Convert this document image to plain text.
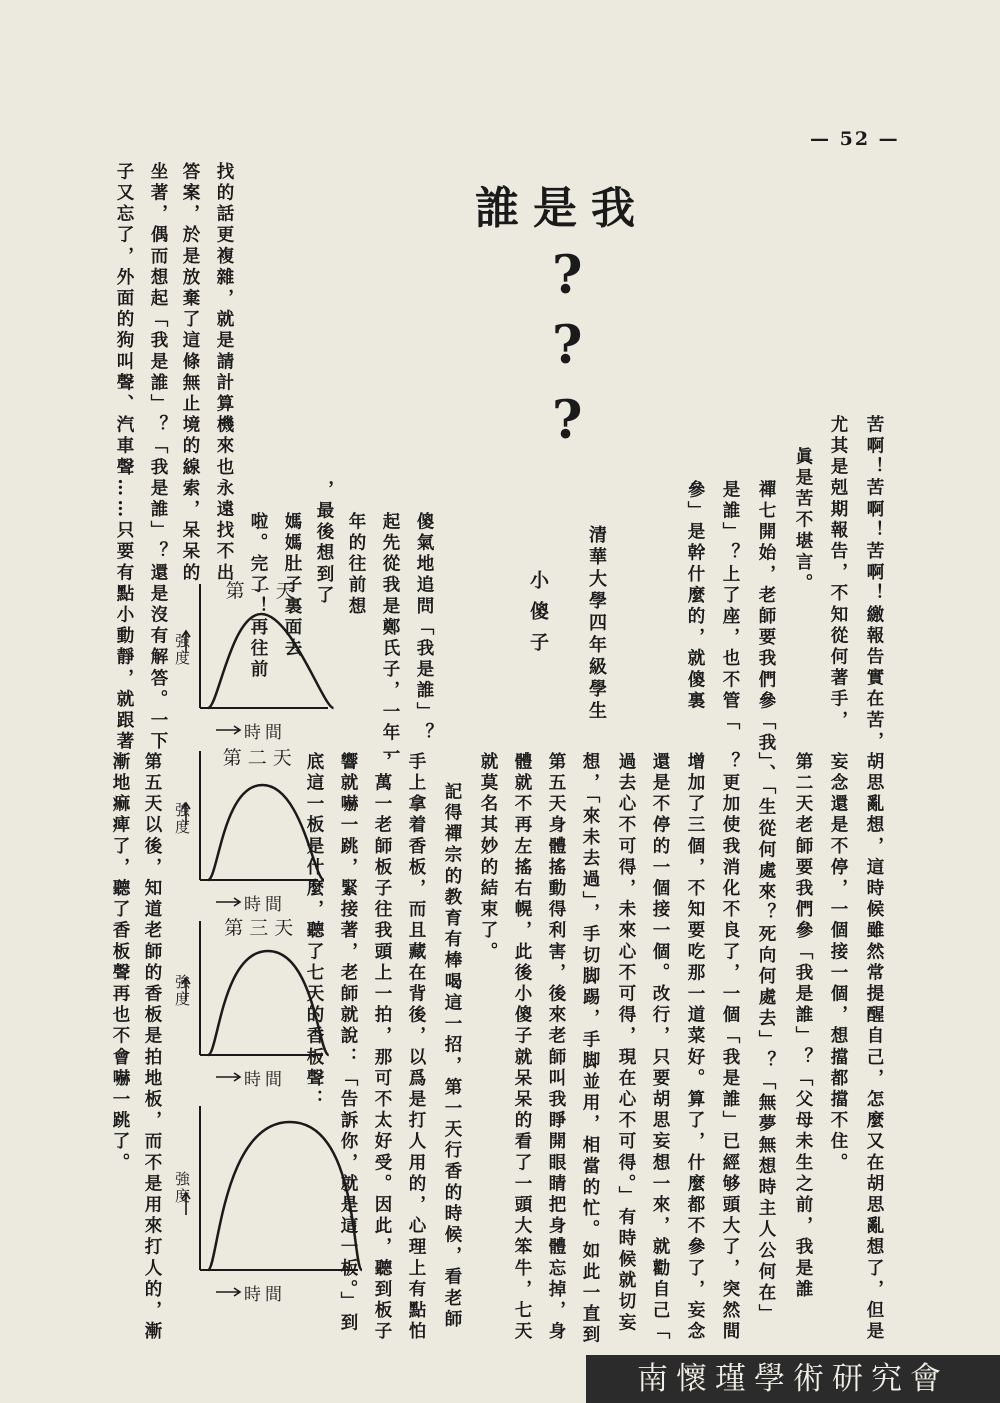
— 52 —
誰是我
?
?
?
清華大學四年級學生
小傻子	苦啊！苦啊！苦啊！繳報告實在苦，
尤其是剋期報告，不知從何著手，
眞是苦不堪言。
禪七開始，老師要我們參「我
是誰」？上了座，也不管「
參」是幹什麼的，就傻裏
傻氣地追問「我是誰」？
起先從我是鄭氏子，一年一
年的往前想
，最後想到了
媽媽肚子裏面去
啦。完了！再往前
找的話更複雜，就是請計算機來也永遠找不出
答案，於是放棄了這條無止境的線索，呆呆的
坐著，偶而想起「我是誰」？「我是誰」？還是沒有解答。一下
子又忘了，外面的狗叫聲、汽車聲……只要有點小動靜，就跟著
胡思亂想，這時候雖然常提醒自己，怎麼又在胡思亂想了，但是
妄念還是不停，一個接一個，想擋都擋不住。
第二天老師要我們參「我是誰」？「父母未生之前，我是誰
」、「生從何處來？死向何處去」？「無夢無想時主人公何在」
？更加使我消化不良了，一個「我是誰」已經够頭大了，突然間
增加了三個，不知要吃那一道菜好。算了，什麼都不參了，妄念
還是不停的一個接一個。改行，只要胡思妄想一來，就勸自己「
過去心不可得，未來心不可得，現在心不可得。」有時候就切妄
想，「來未去過」，手切脚踢，手脚並用，相當的忙。如此一直到
第五天身體搖動得利害，後來老師叫我睜開眼睛把身體忘掉，身
體就不再左搖右幌，此後小傻子就呆呆的看了一頭大笨牛，七天
就莫名其妙的結束了。
記得禪宗的教育有棒喝這一招，第一天行香的時候，看老師
手上拿着香板，而且藏在背後，以爲是打人用的，心理上有點怕
，萬一老師板子往我頭上一拍，那可不太好受。因此，聽到板子
響就嚇一跳，緊接著，老師就說：「告訴你，就是這一板。」到
底這一板是什麼，聽了七天的香板聲：
第五天以後，知道老師的香板是拍地板，而不是用來打人的，漸
漸地痲痺了，聽了香板聲再也不會嚇一跳了。
第一天
強度
時間
第二天
強度
時間
第三天
強度
時間
強度
時間
南懷瑾學術研究會
